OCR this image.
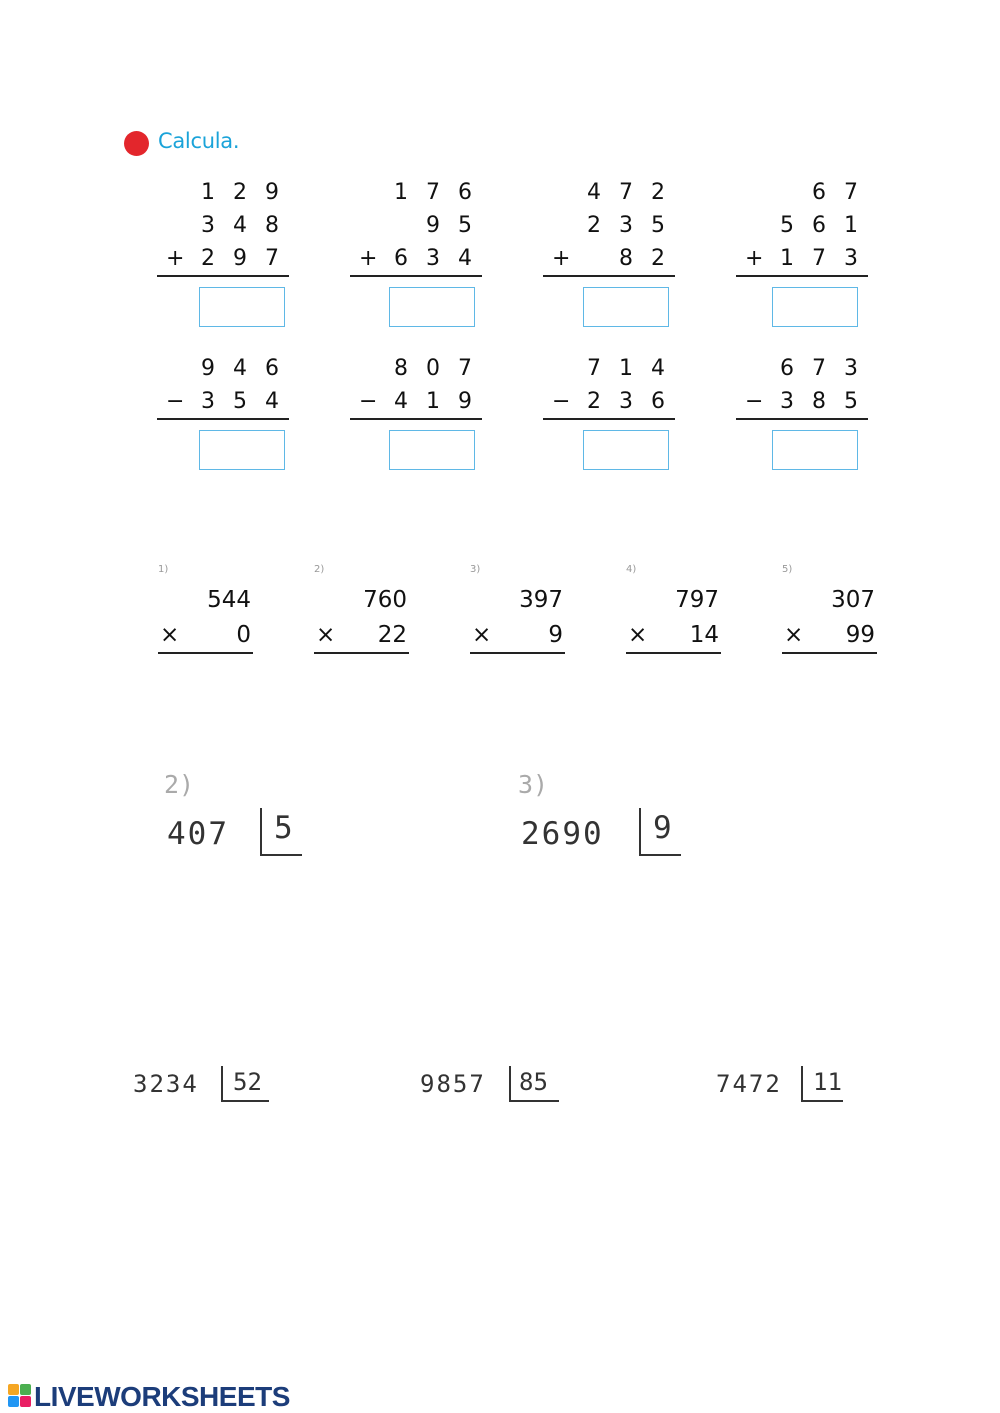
Calcula.
1 2 9
3 4 8
+ 2 9 7
1 7 6
9 5
+ 6 3 4
4 7 2
2 3 5
+	8 2
6 7
5 6 1
+ 1 7 3
9 4 6
− 3 5 4
8 0 7
− 4 1 9
7 1 4
− 2 3 6
6 7 3
− 3 8 5
1)
544
× 0
2)
760
× 22
3)
397
× 9
4)
797
× 14
5)
307
× 99
2)
407 5
3)
2690 9
3234 52	9857 85	7472 11
LIVEWORKSHEETS
